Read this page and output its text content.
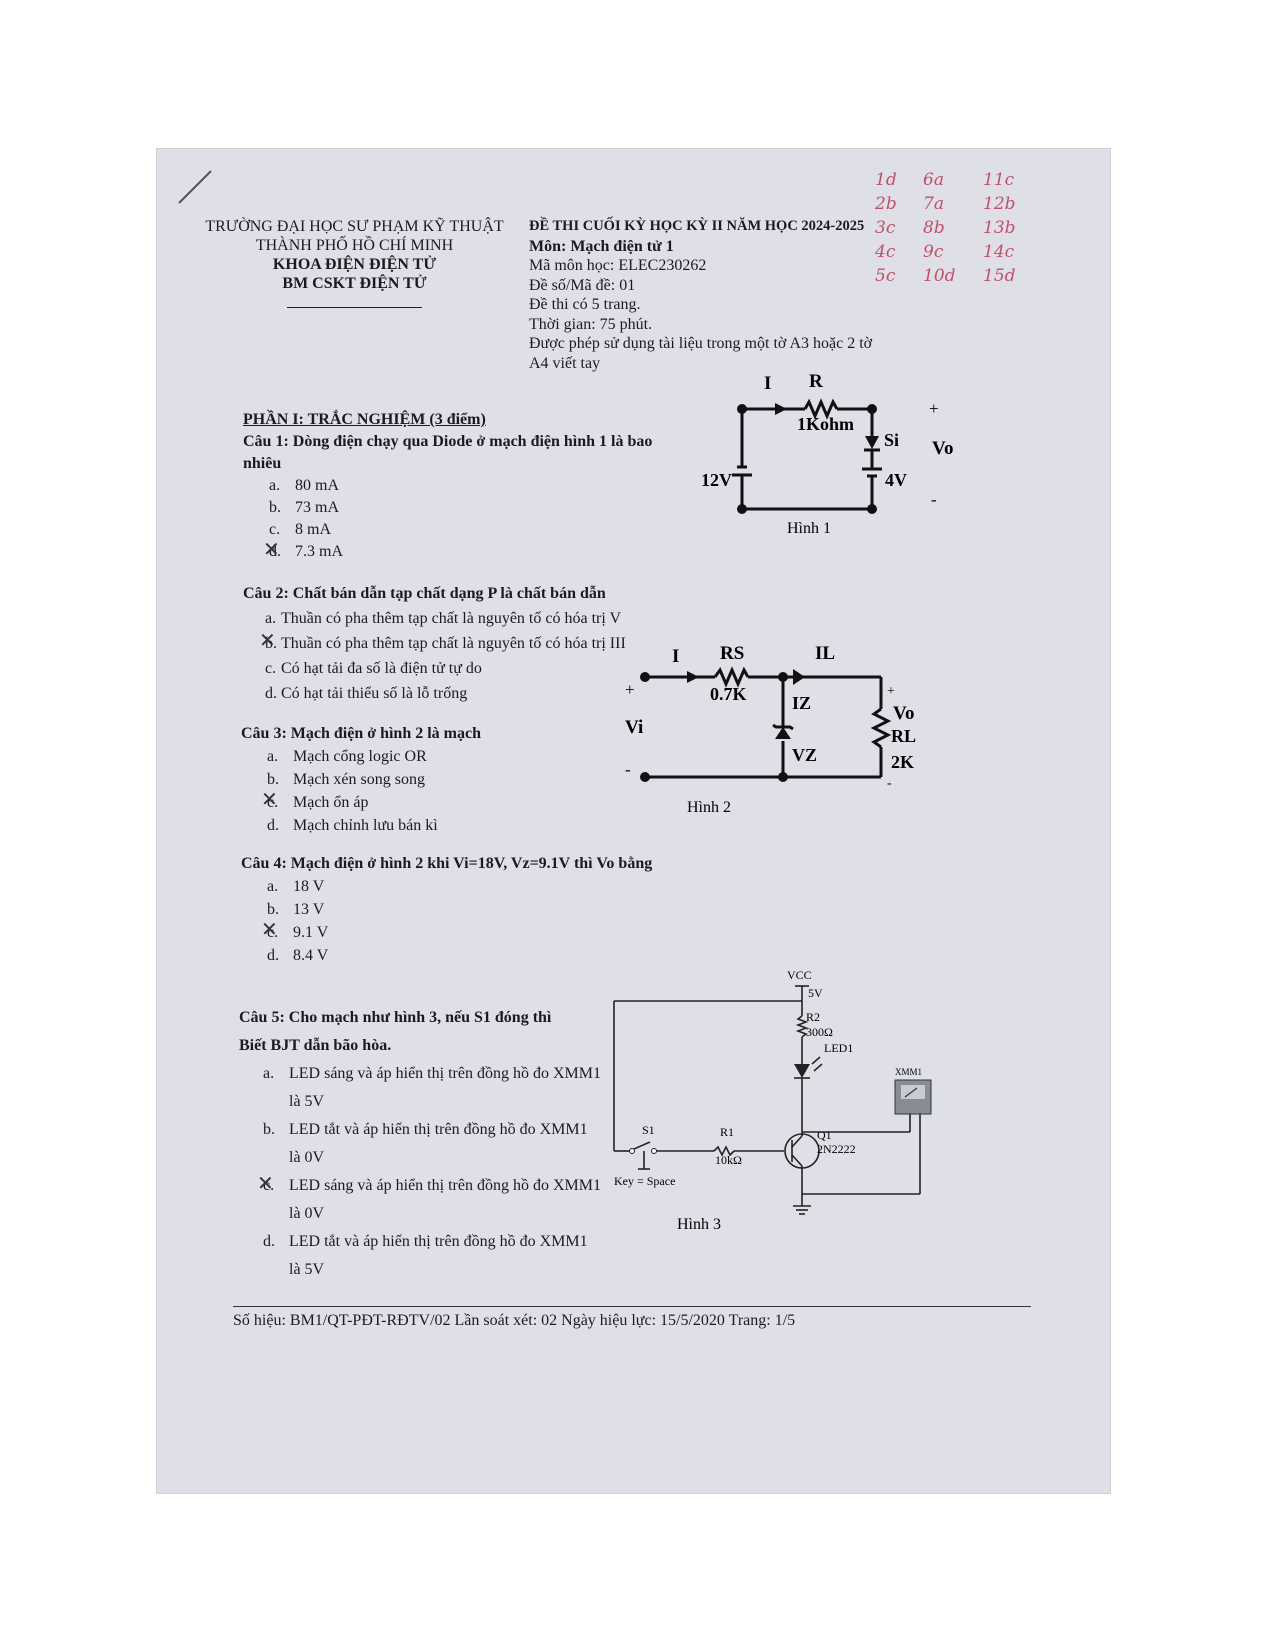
TRƯỜNG ĐẠI HỌC SƯ PHẠM KỸ THUẬT
THÀNH PHỐ HỒ CHÍ MINH
KHOA ĐIỆN ĐIỆN TỬ
BM CSKT ĐIỆN TỬ
ĐỀ THI CUỐI KỲ HỌC KỲ II NĂM HỌC 2024-2025
Môn: Mạch điện tử 1
Mã môn học: ELEC230262
Đề số/Mã đề: 01
Đề thi có 5 trang.
Thời gian: 75 phút.
Được phép sử dụng tài liệu trong một tờ A3 hoặc 2 tờ
A4 viết tay
1d	6a	11c
2b	7a	12b
3c	8b	13b
4c	9c	14c
5c	10d	15d
PHẦN I: TRẮC NGHIỆM (3 điểm)
Câu 1: Dòng điện chạy qua Diode ở mạch điện hình 1 là bao
nhiêu
a. 80 mA
b. 73 mA
c. 8 mA
d. ✕ 7.3 mA
Câu 2: Chất bán dẫn tạp chất dạng P là chất bán dẫn
a. Thuần có pha thêm tạp chất là nguyên tố có hóa trị V
b. ✕ Thuần có pha thêm tạp chất là nguyên tố có hóa trị III
c. Có hạt tải đa số là điện tử tự do
d. Có hạt tải thiểu số là lỗ trống
Câu 3: Mạch điện ở hình 2 là mạch
a. Mạch cổng logic OR
b. Mạch xén song song
c. ✕ Mạch ổn áp
d. Mạch chỉnh lưu bán kì
Câu 4: Mạch điện ở hình 2 khi Vi=18V, Vz=9.1V thì Vo bằng
a. 18 V
b. 13 V
c. ✕ 9.1 V
d. 8.4 V
Câu 5: Cho mạch như hình 3, nếu S1 đóng thì
Biết BJT dẫn bão hòa.
a. LED sáng và áp hiển thị trên đồng hồ đo XMM1
là 5V
b. LED tắt và áp hiển thị trên đồng hồ đo XMM1
là 0V
c. ✕ LED sáng và áp hiển thị trên đồng hồ đo XMM1
là 0V
d. LED tắt và áp hiển thị trên đồng hồ đo XMM1
là 5V
I R
1Kohm
Si
+
Vo
12V	4V
-
Hình 1
I RS
0.7K
IL
+
Vi
-
IZ
VZ
+
Vo
RL
2K
-
Hình 2
VCC
5V
R2
300Ω
LED1
XMM1
S1	R1
10kΩ
Q1
2N2222
Key = Space
Hình 3
Số hiệu: BM1/QT-PĐT-RĐTV/02 Lần soát xét: 02 Ngày hiệu lực: 15/5/2020 Trang: 1/5
